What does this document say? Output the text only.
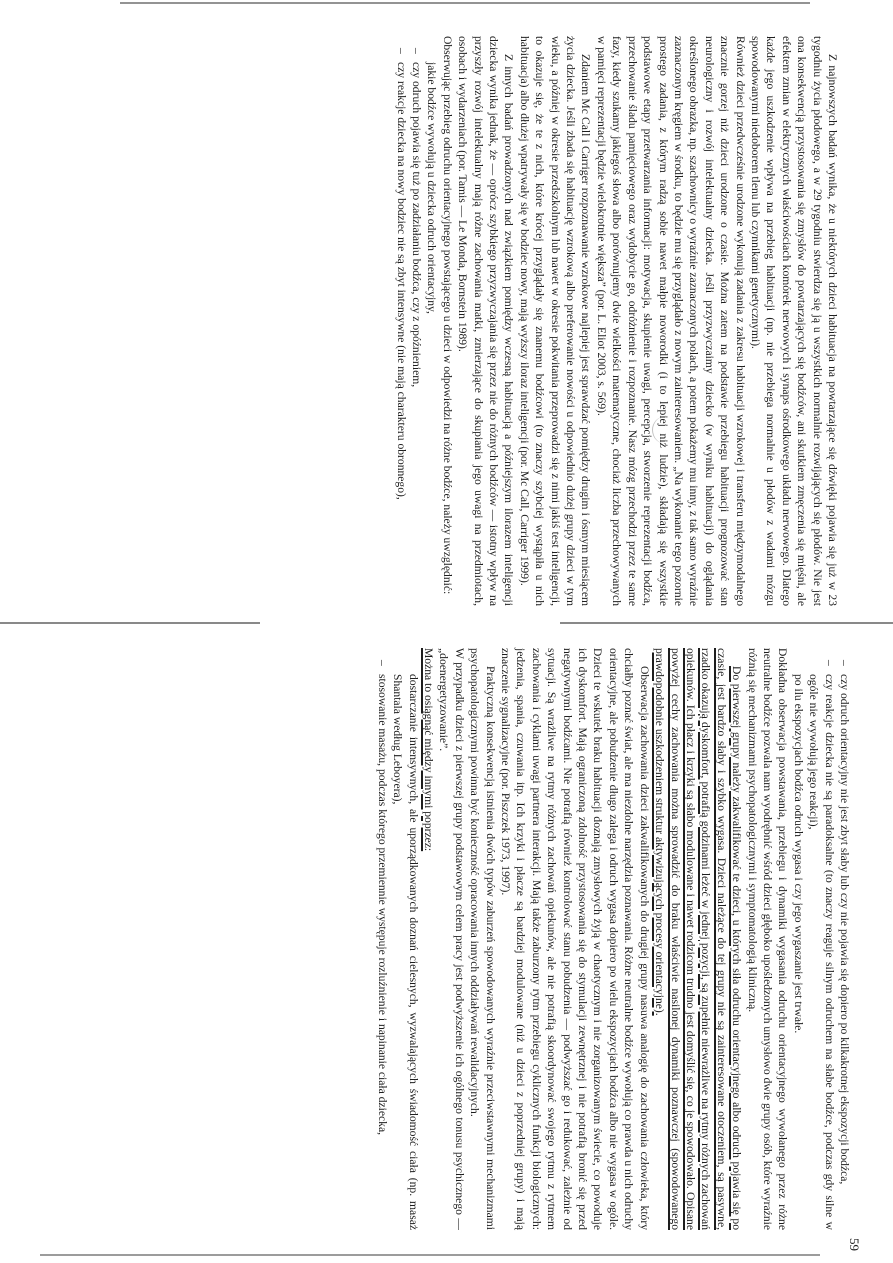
Z najnowszych badań wynika, że u niektórych dzieci habituacja na powtarzające się dźwięki pojawia się już w 23 tygodniu życia płodowego, a w 29 tygodniu stwierdza się ją u wszystkich normalnie rozwijających się płodów. Nie jest ona konsekwencją przystosowania się zmysłów do powtarzających się bodźców, ani skutkiem zmęczenia się mięśni, ale efektem zmian w elektrycznych właściwościach komórek nerwowych i synaps ośrodkowego układu nerwowego. Dlatego każde jego uszkodzenie wpływa na przebieg habituacji (np. nie przebiega normalnie u płodów z wadami mózgu spowodowanymi niedoborem tlenu lub czynnikami genetycznymi).

Również dzieci przedwcześnie urodzone wykonują zadania z zakresu habituacji wzrokowej i transferu międzymodalnego znacznie gorzej niż dzieci urodzone o czasie. Można zatem na podstawie przebiegu habituacji prognozować stan neurologiczny i rozwój intelektualny dziecka. Jeśli przyzwyczaimy dziecko (w wyniku habituacji) do oglądania określonego obrazka, np. szachownicy o wyraźnie zaznaczonych polach, a potem pokażemy mu inny, z tak samo wyraźnie zaznaczonym kręgiem w środku, to będzie mu się przyglądało z nowym zainteresowaniem. „Na wykonanie tego pozornie prostego zadania, z którym radzą sobie nawet małpie noworodki (i to lepiej niż ludzie), składają się wszystkie podstawowe etapy przetwarzania informacji: motywacja, skupienie uwagi, percepcja, stworzenie reprezentacji bodźca, przechowanie śladu pamięciowego oraz wydobycie go, odróżnienie i rozpoznanie. Nasz mózg przechodzi przez te same fazy, kiedy szukamy jakiegoś słowa albo porównujemy dwie wielkości matematyczne, chociaż liczba przechowywanych w pamięci reprezentacji będzie wielokrotnie większa” (por. L. Eliot 2003, s. 569).

Zdaniem Mc Call i Carriger rozpoznawanie wzrokowe najlepiej jest sprawdzać pomiędzy drugim i ósmym miesiącem życia dziecka. Jeśli zbada się habituację wzrokową albo preferowanie nowości u odpowiednio dużej grupy dzieci w tym wieku, a później w okresie przedszkolnym lub nawet w okresie pokwitania przeprowadzi się z nimi jakiś test inteligencji, to okazuje się, że te z nich, które krócej przyglądały się znanemu bodźcowi (to znaczy szybciej wystąpiła u nich habituacja) albo dłużej wpatrywały się w bodziec nowy, mają wyższy iloraz inteligencji (por. Mc Call, Carriger 1999).

Z innych badań prowadzonych nad związkiem pomiędzy wczesną habituacją a późniejszym ilorazem inteligencji dziecka wynika jednak, że — oprócz szybkiego przyzwyczajania się przez nie do różnych bodźców — istotny wpływ na przyszły rozwój intelektualny mają różne zachowania matki, zmierzające do skupiania jego uwagi na przedmiotach, osobach i wydarzeniach (por. Tamis — Le Monda, Bornstein 1989).

Obserwując przebieg odruchu orientacyjnego powstającego u dzieci w odpowiedzi na różne bodźce, należy uwzględnić:

jakie bodźce wywołują u dziecka odruch orientacyjny,
– czy odruch pojawia się tuż po zadziałaniu bodźca, czy z opóźnieniem,
– czy reakcje dziecka na nowy bodziec nie są zbyt intensywne (nie mają charakteru obronnego),
– czy odruch orientacyjny nie jest zbyt słaby lub czy nie pojawia się dopiero po kilkakrotnej ekspozycji bodźca,
– czy reakcje dziecka nie są paradoksalne (to znaczy reaguje silnym odruchem na słabe bodźce, podczas gdy silne w ogóle nie wywołują jego reakcji),
po ilu ekspozycjach bodźca odruch wygasa i czy jego wygaszanie jest trwałe.

Dokładna obserwacja powstawania, przebiegu i dynamiki wygasania odruchu orientacyjnego wywołanego przez różne neutralne bodźce pozwala nam wyodrębnić wśród dzieci głęboko upośledzonych umysłowo dwie grupy osób, które wyraźnie różnią się mechanizmami psychopatologicznymi i symptomatologią kliniczną.

Do pierwszej grupy należy zakwalifikować te dzieci, u których siła odruchu orientacyjnego albo odruch pojawia się po czasie, jest bardzo słaby i szybko wygasa. Dzieci należące do tej grupy nie są zainteresowane otoczeniem, są pasywne, rzadko okazują dyskomfort, potrafią godzinami leżeć w jednej pozycji, są zupełnie niewrażliwe na rytmy różnych zachowań opiekunów. Ich płacz i krzyki są słabo modulowane i nawet rodzicom trudno jest domyślić się, co je spowodowało. Opisane powyżej cechy zachowania można sprowadzić do braku właściwie nasilonej dynamiki poznawczej (spowodowanego prawdopodobnie uszkodzeniem struktur aktywizujących procesy orientacyjne).

Obserwacja zachowania dzieci zakwalifikowanych do drugiej grupy nasuwa analogię do zachowania człowieka, który chciałby poznać świat, ale ma niezdolne narzędzia poznawania. Różne neutralne bodźce wywołują co prawda u nich odruchy orientacyjne, ale pobudzenie długo zalega i odruch wygasa dopiero po wielu ekspozycjach bodźca albo nie wygasa w ogóle. Dzieci te wskutek braku habituacji doznają zmysłowych żyją w chaotycznym i nie zorganizowanym świecie, co powoduje ich dyskomfort. Mają ograniczoną zdolność przystosowania się do stymulacji zewnętrznej i nie potrafią bronić się przed negatywnymi bodźcami. Nie potrafią również kontrolować stanu pobudzenia — podwyższać go i redukować, zależnie od sytuacji. Są wrażliwe na rytmy różnych zachowań opiekunów, ale nie potrafią skoordynować swojego rytmu z rytmem zachowania i cyklami uwagi partnera interakcji. Mają także zaburzony rytm przebiegu cyklicznych funkcji biologicznych: jedzenia, spania, czuwania itp. Ich krzyki i płacze są bardziej modulowane (niż u dzieci z poprzedniej grupy) i mają znaczenie sygnalizacyjne (por. Piszczek 1973, 1997).

Praktyczną konsekwencją istnienia dwóch typów zaburzeń spowodowanych wyraźnie przeciwstawnymi mechanizmami psychopatologicznymi powinna być konieczność opracowania innych oddziaływań rewalidacyjnych.

W przypadku dzieci z pierwszej grupy podstawowym celem pracy jest podwyższenie ich ogólnego tonusu psychicznego — „doenergetyzowanie”.

Można to osiągnąć między innymi poprzez:

dostarczanie intensywnych, ale uporządkowanych doznań cielesnych, wyzwalających świadomość ciała (np. masaż Shantala według Leboyera),
– stosowanie masażu, podczas którego przemiennie występuje rozluźnienie i napinanie ciała dziecka,
59
